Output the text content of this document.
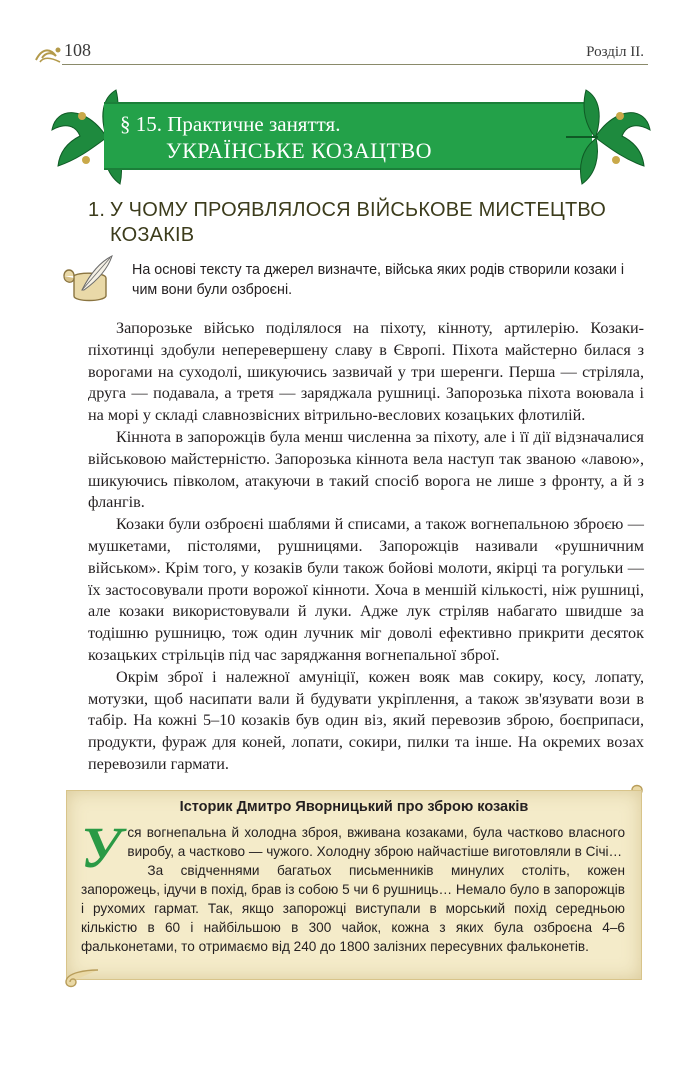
108	Розділ II.
§ 15. Практичне заняття.
УКРАЇНСЬКЕ КОЗАЦТВО
1. У ЧОМУ ПРОЯВЛЯЛОСЯ ВІЙСЬКОВЕ МИСТЕЦТВО КОЗАКІВ
На основі тексту та джерел визначте, війська яких родів створили козаки і чим вони були озброєні.

Запорозьке військо поділялося на піхоту, кінноту, артилерію. Козаки-піхотинці здобули неперевершену славу в Європі. Піхота майстерно билася з ворогами на суходолі, шикуючись зазвичай у три шеренги. Перша — стріляла, друга — подавала, а третя — заряджала рушниці. Запорозька піхота воювала і на морі у складі славнозвісних вітрильно-веслових козацьких флотилій.

Кіннота в запорожців була менш численна за піхоту, але і її дії відзначалися військовою майстерністю. Запорозька кіннота вела наступ так званою «лавою», шикуючись півколом, атакуючи в такий спосіб ворога не лише з фронту, а й з флангів.

Козаки були озброєні шаблями й списами, а також вогнепальною зброєю — мушкетами, пістолями, рушницями. Запорожців називали «рушничним військом». Крім того, у козаків були також бойові молоти, якірці та рогульки — їх застосовували проти ворожої кінноти. Хоча в меншій кількості, ніж рушниці, але козаки використовували й луки. Адже лук стріляв набагато швидше за тодішню рушницю, тож один лучник міг доволі ефективно прикрити десяток козацьких стрільців під час заряджання вогнепальної зброї.

Окрім зброї і належної амуніції, кожен вояк мав сокиру, косу, лопату, мотузки, щоб насипати вали й будувати укріплення, а також зв'язувати вози в табір. На кожні 5–10 козаків був один віз, який перевозив зброю, боєприпаси, продукти, фураж для коней, лопати, сокири, пилки та інше. На окремих возах перевозили гармати.

Історик Дмитро Яворницький про зброю козаків

Уся вогнепальна й холодна зброя, вживана козаками, була частково власного виробу, а частково — чужого. Холодну зброю найчастіше виготовляли в Січі…

За свідченнями багатьох письменників минулих століть, кожен запорожець, ідучи в похід, брав із собою 5 чи 6 рушниць… Немало було в запорожців і рухомих гармат. Так, якщо запорожці виступали в морський похід середньою кількістю в 60 і найбільшою в 300 чайок, кожна з яких була озброєна 4–6 фальконетами, то отримаємо від 240 до 1800 залізних пересувних фальконетів.
